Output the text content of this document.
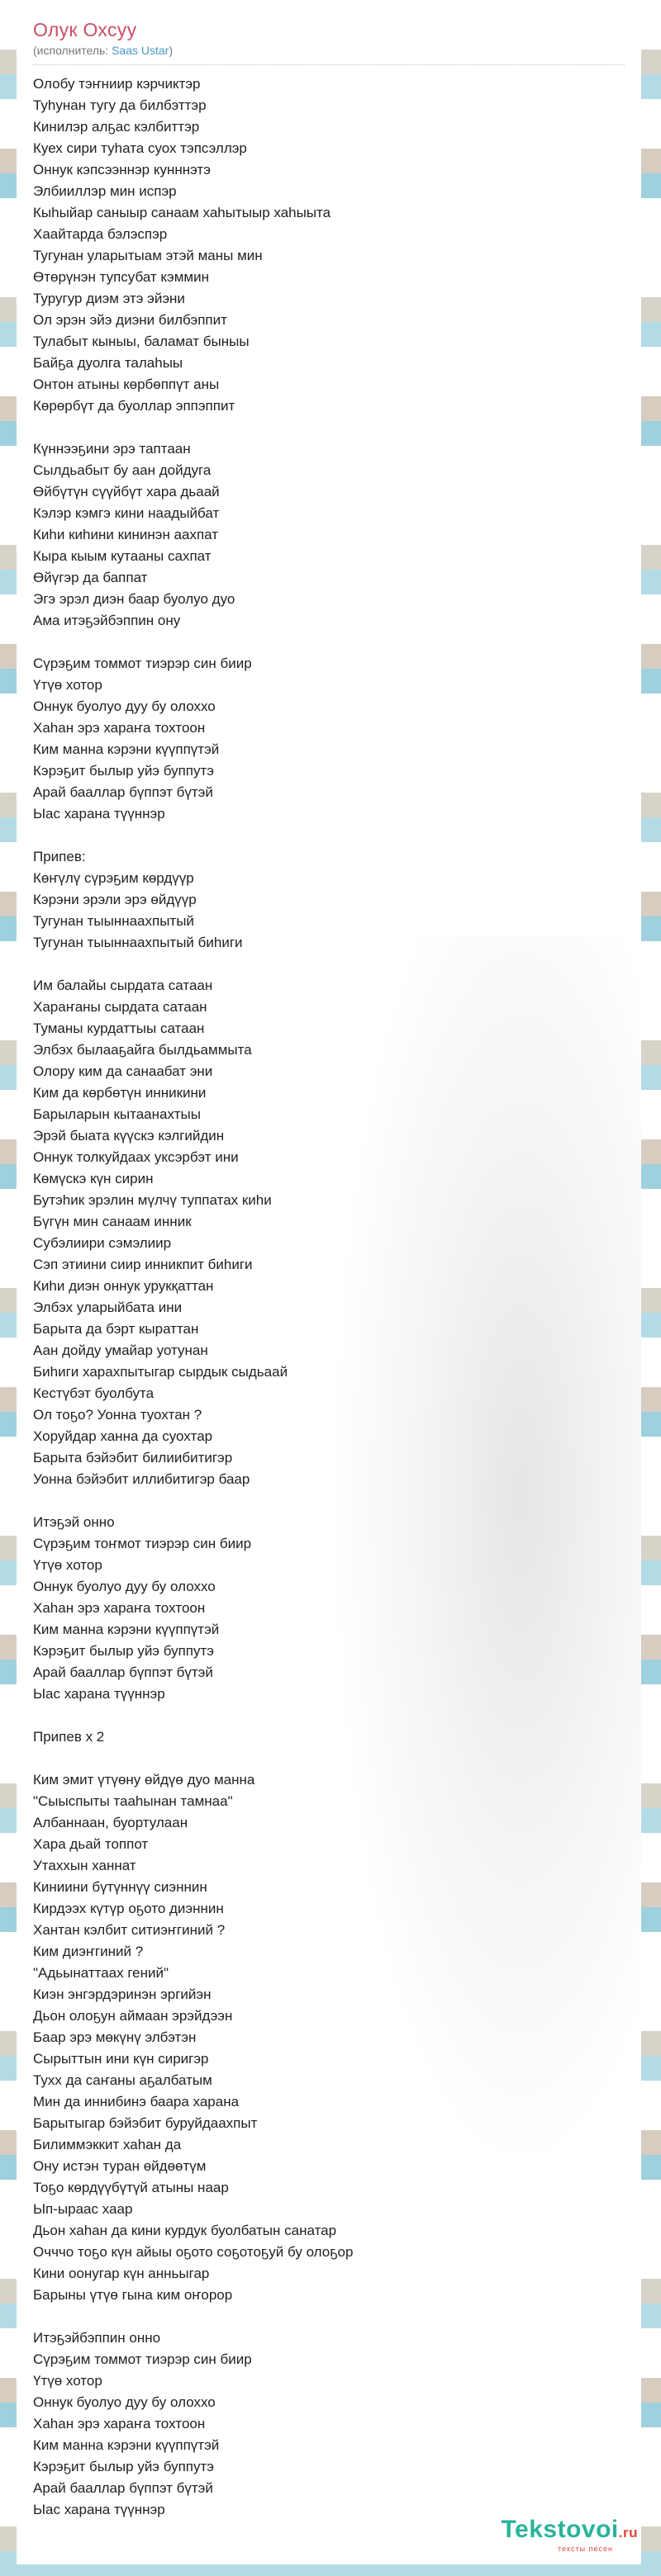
Олук Охсуу
(исполнитель: Saas Ustar)
Олобу тэҥниир кэрчиктэр
Туһунан тугу да билбэттэр
Кинилэр алҕас кэлбиттэр
Куех сири туһата суох тэпсэллэр
Оннук кэпсээннэр кунннэтэ
Элбииллэр мин испэр
Кыһыйар саныыр санаам хаһытыыр хаһыыта
Хаайтарда бэлэспэр
Тугунан уларытыам этэй маны мин
Өтөрүнэн тупсубат кэммин
Туругур диэм этэ эйэни
Ол эрэн эйэ диэни билбэппит
Тулабыт кыныы, баламат быныы
Байҕа дуолга талаһыы
Онтон атыны көрбөппүт аны
Көрөрбүт да буоллар эппэппит
Күннээҕини эрэ таптаан
Сылдьабыт бу аан дойдуга
Өйбүтүн сүүйбүт хара дьаай
Кэлэр кэмгэ кини наадыйбат
Киһи киһини кининэн аахпат
Кыра кыым кутааны сахпат
Өйүгэр да баппат
Эгэ эрэл диэн баар буолуо дуо
Ама итэҕэйбэппин ону
Сүрэҕим томмот тиэрэр син биир
Үтүө хотор
Оннук буолуо дуу бу олоххо
Хаһан эрэ хараҥа тохтоон
Ким манна кэрэни күүппүтэй
Кэрэҕит былыр уйэ буппутэ
Арай бааллар бүппэт бүтэй
Ыас харана түүннэр
Припев:
Көҥүлү сүрэҕим көрдүүр
Кэрэни эрэли эрэ өйдүүр
Тугунан тыыннаахпытый
Тугунан тыыннаахпытый биһиги
Им балайы сырдата сатаан
Хараҥаны сырдата сатаан
Туманы курдаттыы сатаан
Элбэх былааҕайга былдьаммыта
Олору ким да санаабат эни
Ким да көрбөтүн инникини
Барыларын кытаанахтыы
Эрэй быата күүскэ кэлгийдин
Оннук толкуйдаах уксэрбэт ини
Көмүскэ күн сирин
Бутэһик эрэлин мүлчү туппатах киһи
Бүгүн мин санаам инник
Субэлиири сэмэлиир
Сэп этиини сиир инникпит биһиги
Киһи диэн оннук урукқаттан
Элбэх уларыйбата ини
Барыта да бэрт кыраттан
Аан дойду умайар уотунан
Биһиги харахпытыгар сырдык сыдьаай
Кестүбэт буолбута
Ол тоҕо? Уонна туохтан ?
Хоруйдар ханна да суохтар
Барыта бэйэбит билиибитигэр
Уонна бэйэбит иллибитигэр баар
Итэҕэй онно
Сүрэҕим тоҥмот тиэрэр син биир
Үтүө хотор
Оннук буолуо дуу бу олоххо
Хаһан эрэ хараҥа тохтоон
Ким манна кэрэни күүппүтэй
Кэрэҕит былыр уйэ буппутэ
Арай бааллар бүппэт бүтэй
Ыас харана түүннэр
Припев х 2
Ким эмит үтүөну өйдүө дуо манна
"Сыыспыты тааһынан тамнаа"
Албаннаан, буортулаан
Хара дьай топпот
Утаххын ханнат
Киниини бүтүннүү сиэннин
Кирдээх күтүр оҕото диэннин
Хантан кэлбит ситиэҥгиний ?
Ким диэҥгиний ?
"Адьынаттаах гений"
Киэн энгэрдэринэн эргийэн
Дьон олоҕун аймаан эрэйдээн
Баар эрэ мөкүнү элбэтэн
Сырыттын ини күн сиригэр
Тухх да саҥаны аҕалбатым
Мин да иннибинэ баара харана
Барытыгар бэйэбит буруйдаахпыт
Билиммэккит хаһан да
Ону истэн туран өйдөөтүм
Тоҕо көрдүүбүтүй атыны наар
Ып-ыраас хаар
Дьон хаһан да кини курдук буолбатын санатар
Очччо тоҕо күн айыы оҕото соҕотоҕуй бу олоҕор
Кини оонугар күн анньыгар
Барыны үтүө гына ким оҥорор
Итэҕэйбэппин онно
Сүрэҕим томмот тиэрэр син биир
Үтүө хотор
Оннук буолуо дуу бу олоххо
Хаһан эрэ хараҥа тохтоон
Ким манна кэрэни күүппүтэй
Кэрэҕит былыр уйэ буппутэ
Арай бааллар бүппэт бүтэй
Ыас харана түүннэр
Tekstovoi.ru
тексты песен
